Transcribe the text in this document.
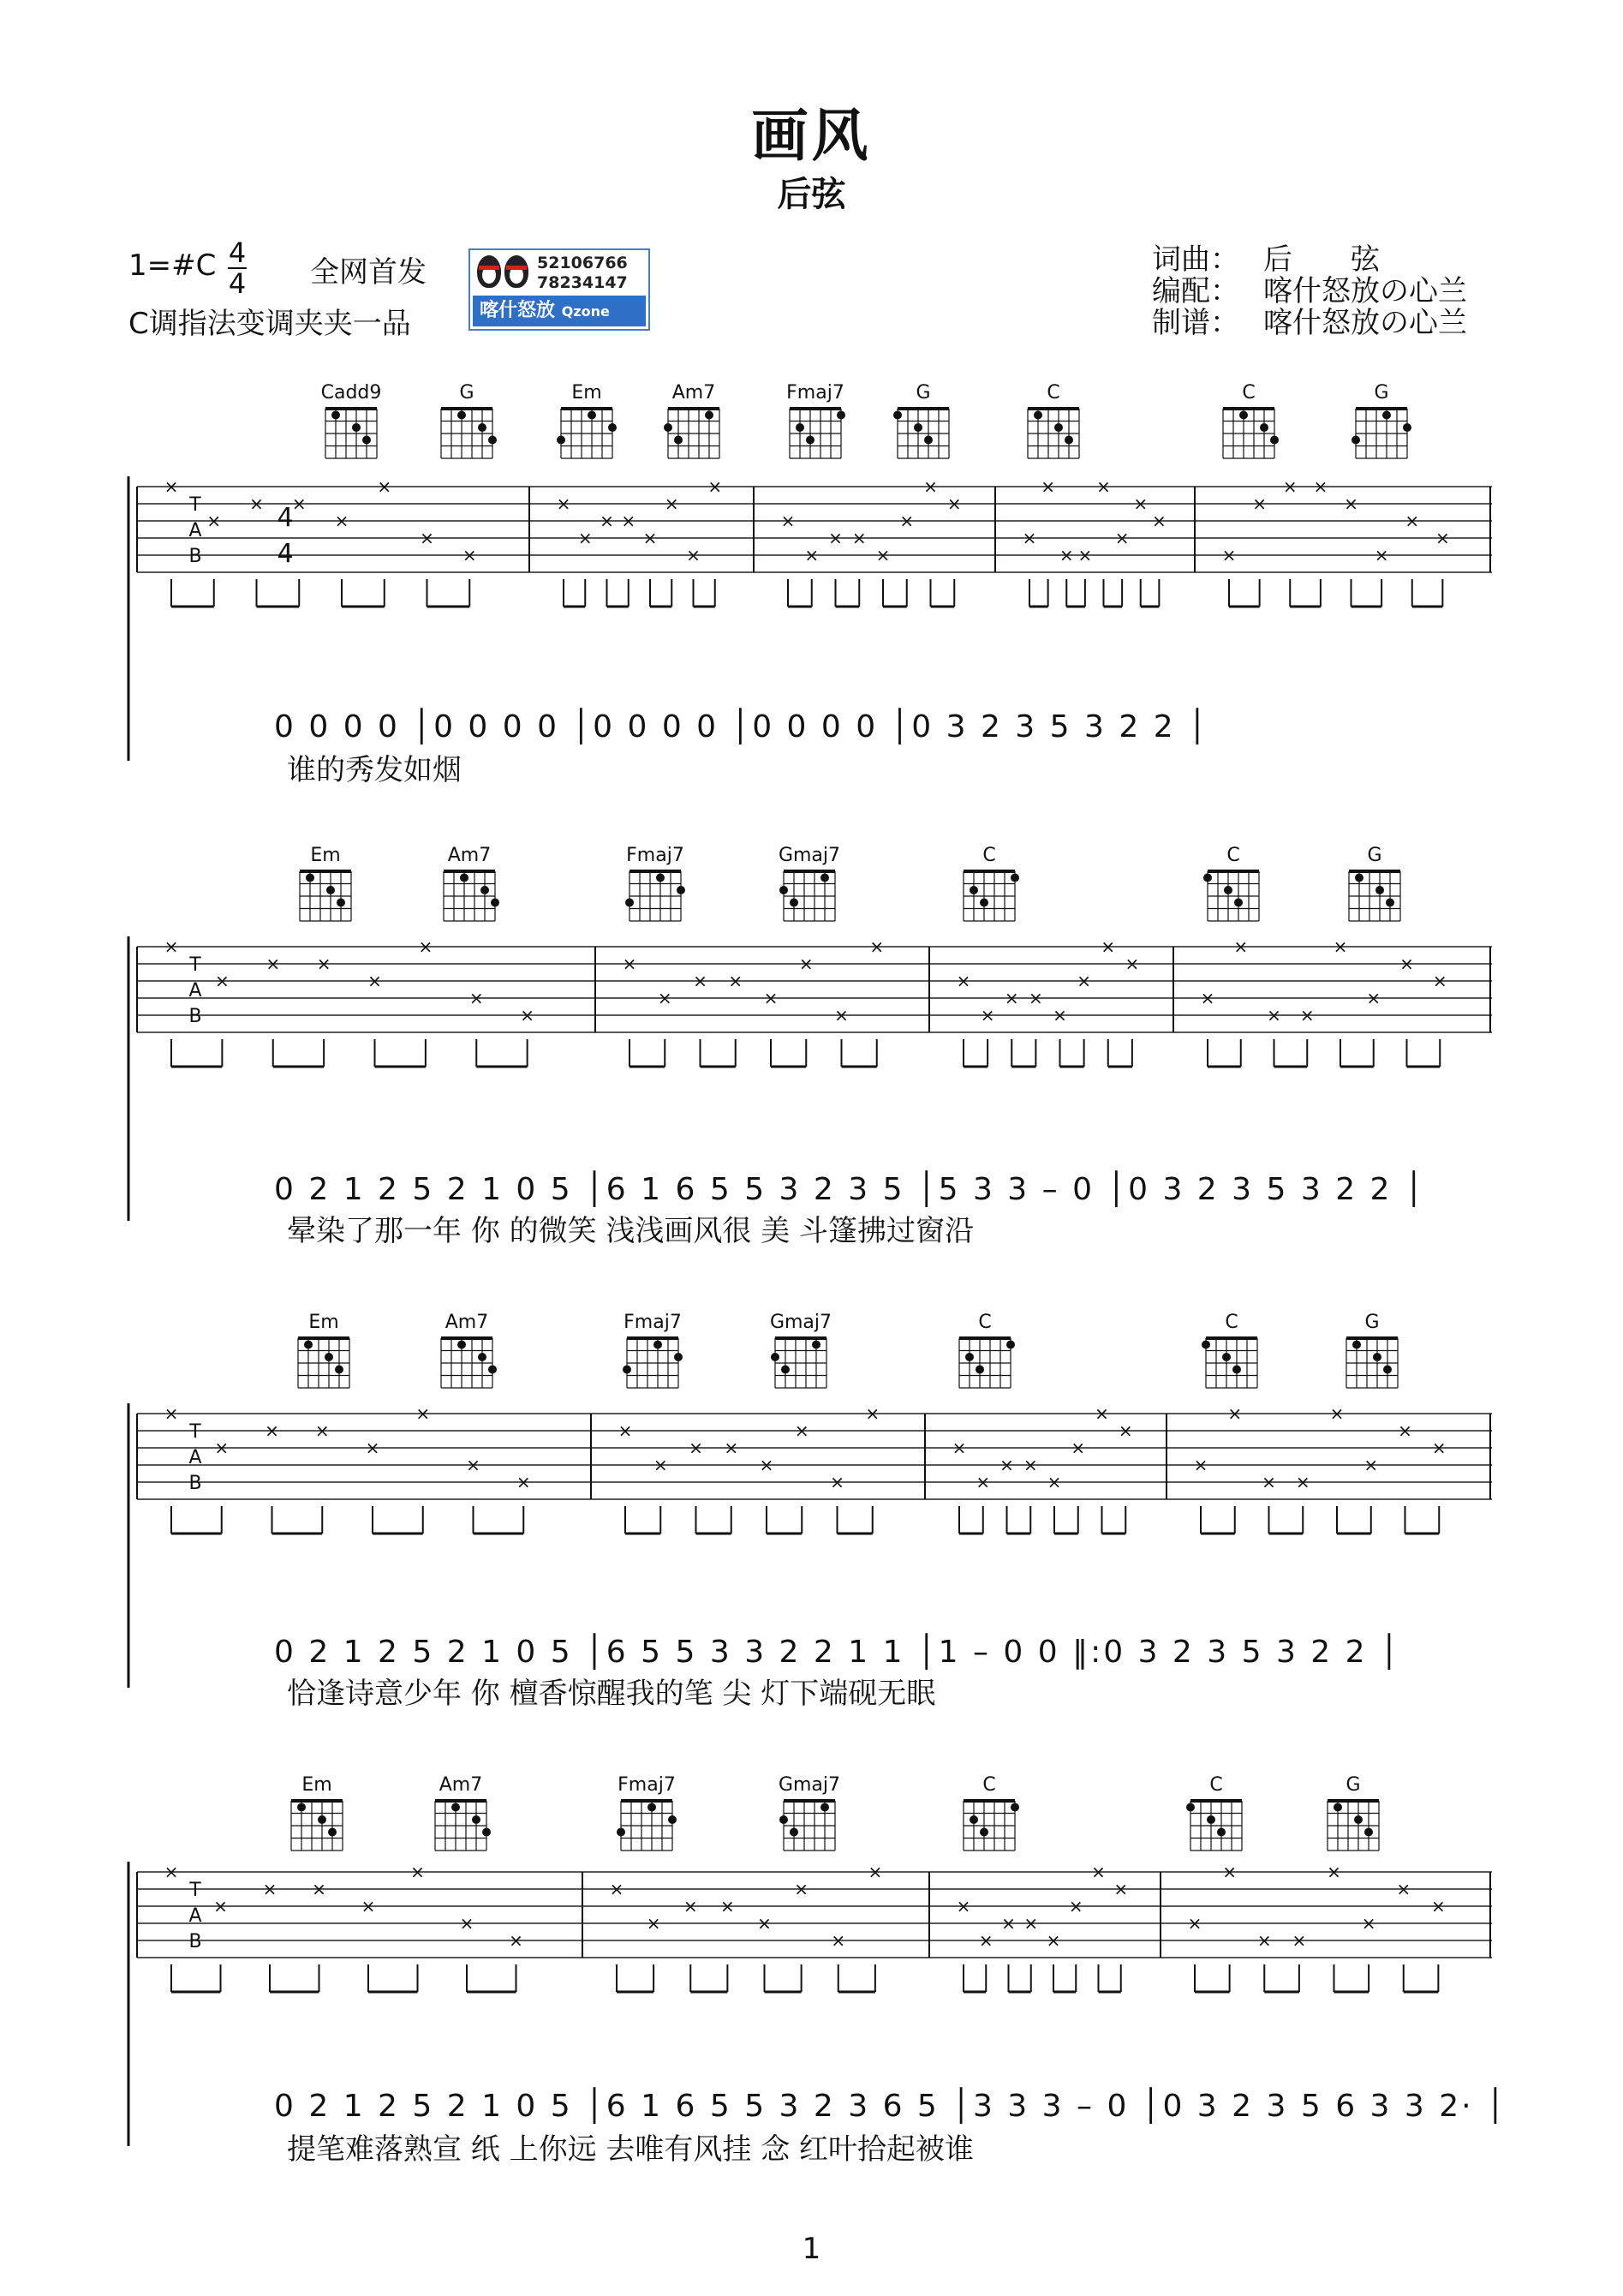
画风
后弦
1=#C 4
4 全网首发
C调指法变调夹夹一品
52106766
78234147
喀什怒放 Qzone
词曲： 后　　弦
编配： 喀什怒放の心兰
制谱： 喀什怒放の心兰
T
A
B
4
4
×
×
× ×
×
×
×
×
×
×
× ×
×
×
×
×
×
×
× ×
×
×
×
×
×
×
× ×
×
×
×
×
×
×
× ×
×
×
×
×
Cadd9	G	Em	Am7	Fmaj7	G	C	C	G
0 0 0 0 │0 0 0 0 │0 0 0 0 │0 0 0 0 │0 3 2 3 5 3 2 2 │
谁的秀发如烟
T
A
B
×
×
× ×
×
×
×
×
×
×
× ×
×
×
×
×
×
×
× ×
×
×
×
×
×
×
× ×
×
×
×
×
Em	Am7	Fmaj7	Gmaj7	C	C	G
0 2 1 2 5 2 1 0 5 │6 1 6 5 5 3 2 3 5 │5 3 3 – 0 │0 3 2 3 5 3 2 2 │
晕染了那一年 你 的微笑 浅浅画风很 美 斗篷拂过窗沿
T
A
B
×
×
× ×
×
×
×
×
×
×
× ×
×
×
×
×
×
×
× ×
×
×
×
×
×
×
× ×
×
×
×
×
Em	Am7	Fmaj7	Gmaj7	C	C	G
0 2 1 2 5 2 1 0 5 │6 5 5 3 3 2 2 1 1 │1 – 0 0 ‖:0 3 2 3 5 3 2 2 │
恰逢诗意少年 你 檀香惊醒我的笔 尖 灯下端砚无眠
T
A
B
×
×
× ×
×
×
×
×
×
×
× ×
×
×
×
×
×
×
× ×
×
×
×
×
×
×
× ×
×
×
×
×
Em	Am7	Fmaj7	Gmaj7	C	C	G
0 2 1 2 5 2 1 0 5 │6 1 6 5 5 3 2 3 6 5 │3 3 3 – 0 │0 3 2 3 5 6 3 3 2· │
提笔难落熟宣 纸 上你远 去唯有风挂 念 红叶拾起被谁
1
